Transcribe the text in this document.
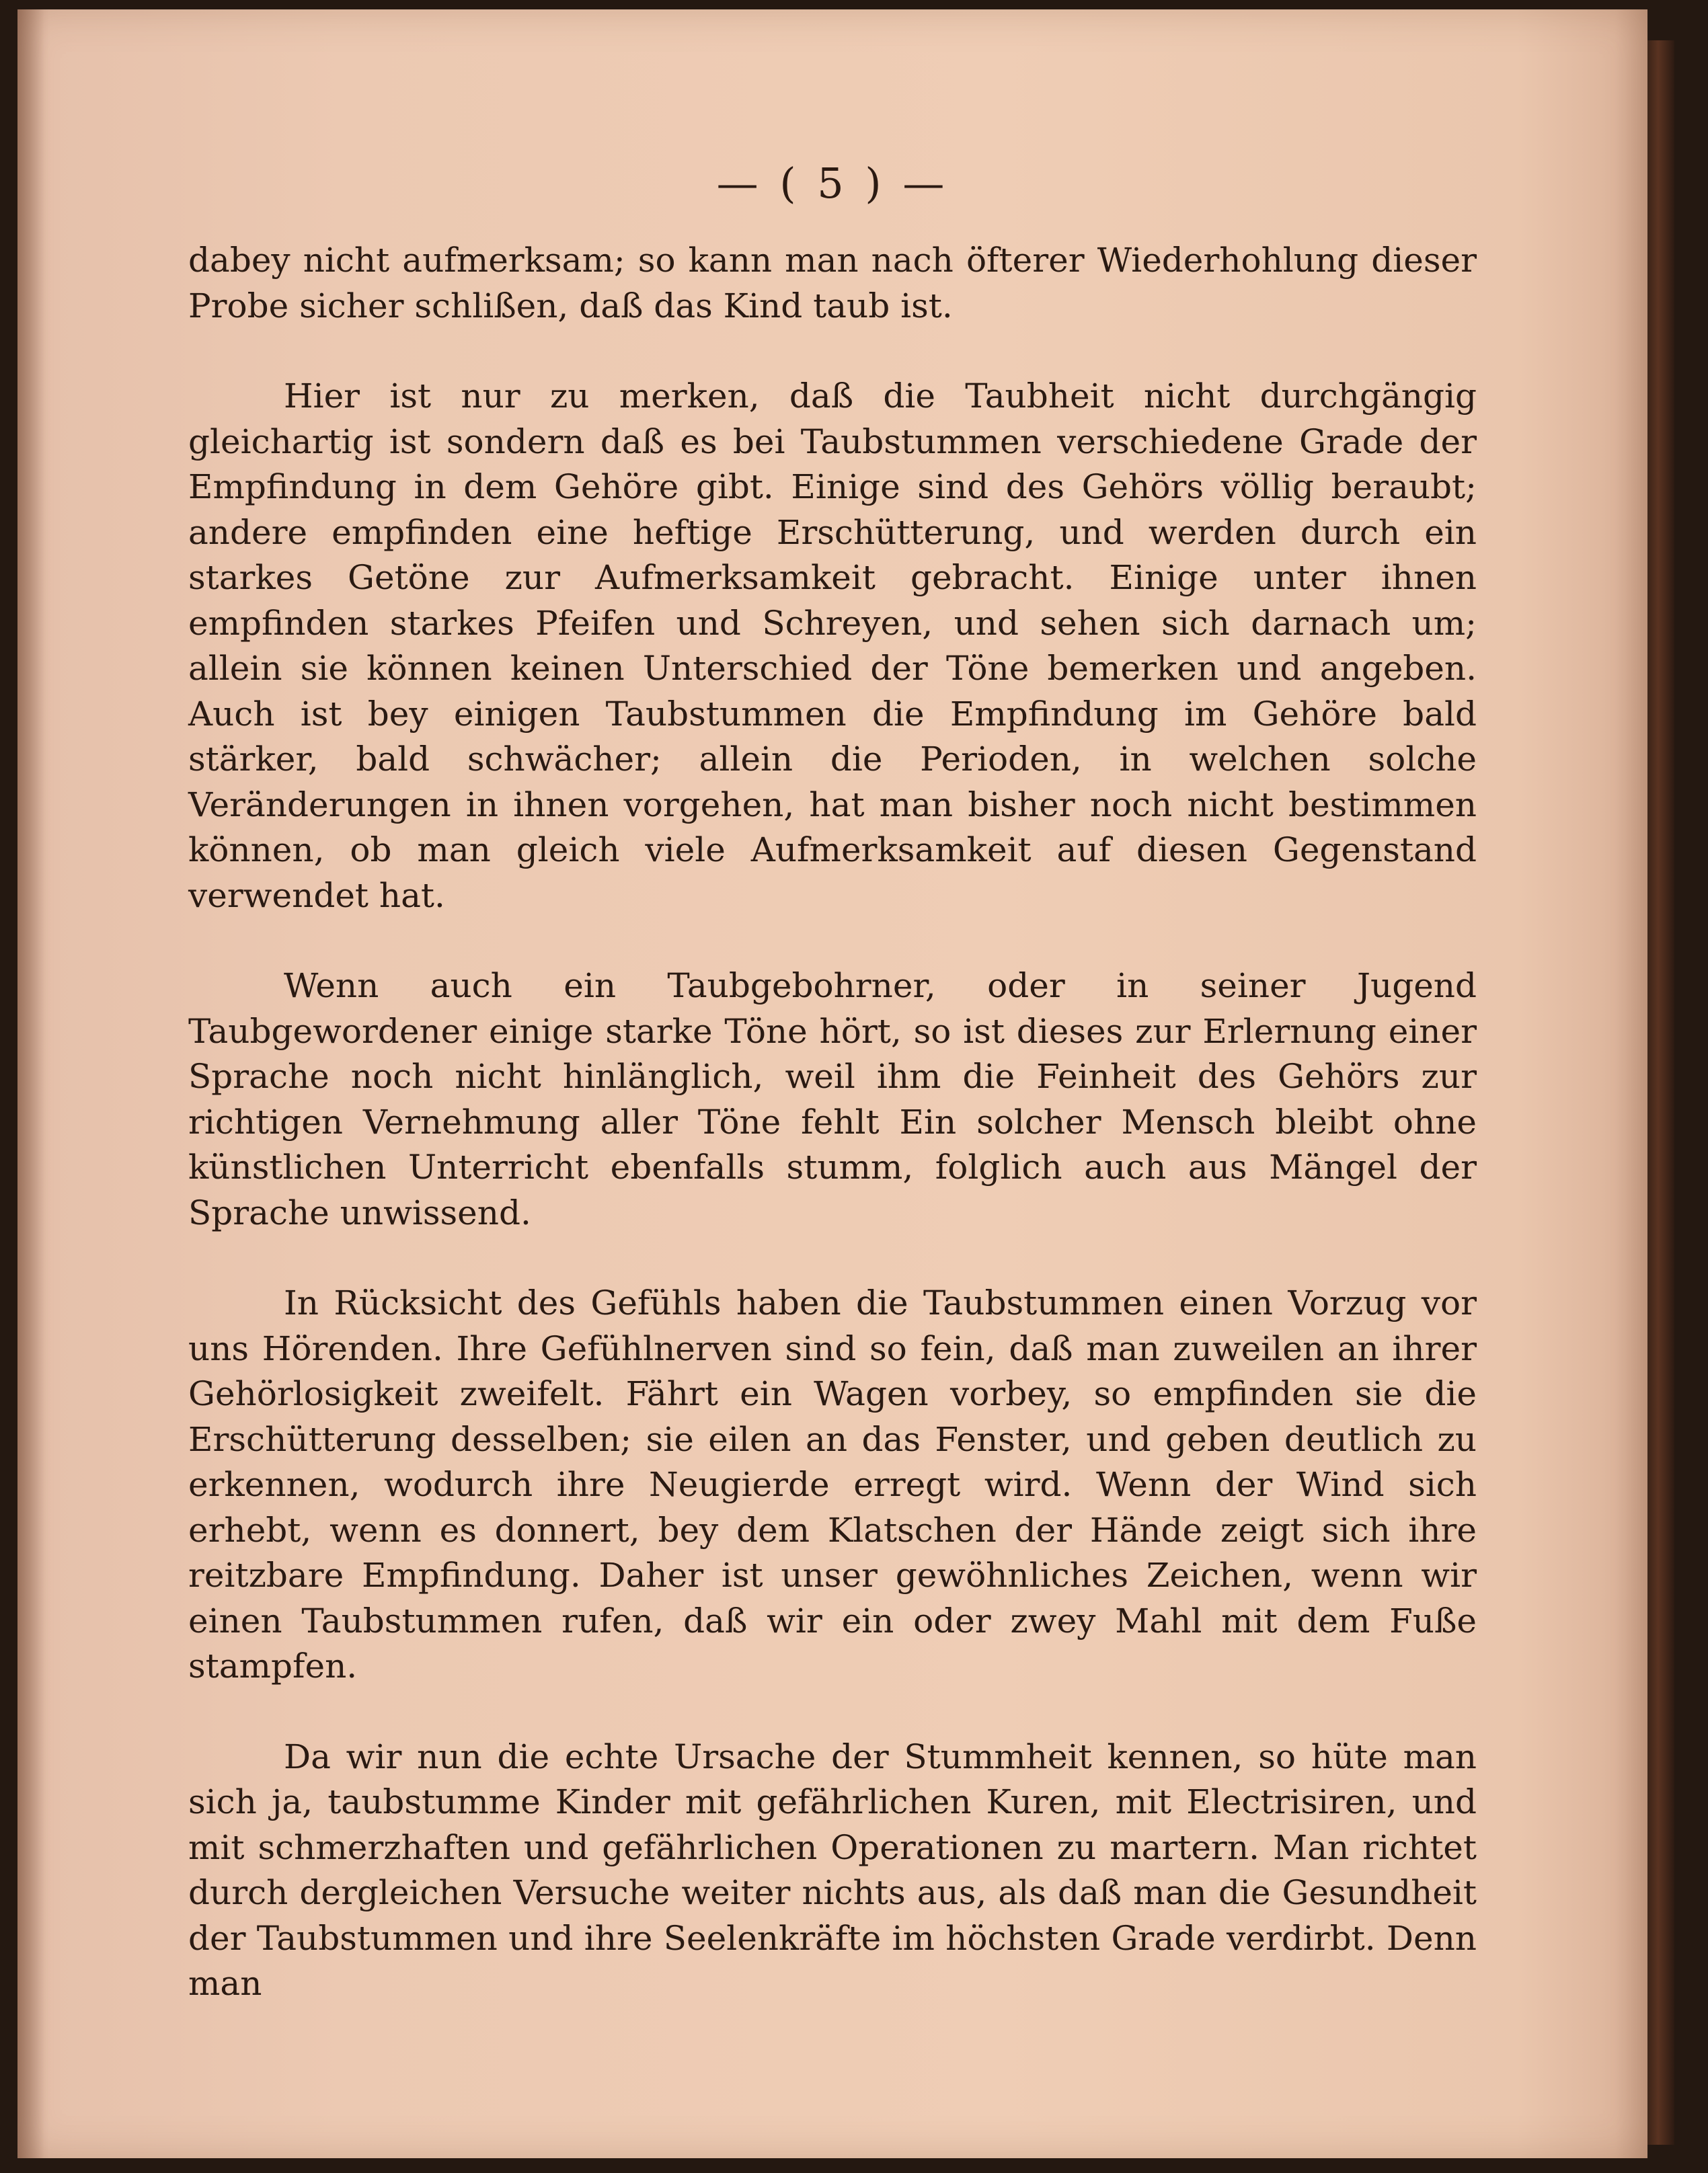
— ( 5 ) —

dabey nicht aufmerksam; so kann man nach öfterer Wiederhohlung dieser Probe sicher schlißen, daß das Kind taub ist.

Hier ist nur zu merken, daß die Taubheit nicht durchgängig gleichartig ist sondern daß es bei Taubstummen verschiedene Grade der Empfindung in dem Gehöre gibt. Einige sind des Gehörs völlig beraubt; andere empfinden eine heftige Erschütterung, und werden durch ein starkes Getöne zur Aufmerksamkeit gebracht. Einige unter ihnen empfinden starkes Pfeifen und Schreyen, und sehen sich darnach um; allein sie können keinen Unterschied der Töne bemerken und angeben. Auch ist bey einigen Taubstummen die Empfindung im Gehöre bald stärker, bald schwächer; allein die Perioden, in welchen solche Veränderungen in ihnen vorgehen, hat man bisher noch nicht bestimmen können, ob man gleich viele Aufmerksamkeit auf diesen Gegenstand verwendet hat.

Wenn auch ein Taubgebohrner, oder in seiner Jugend Taubgewordener einige starke Töne hört, so ist dieses zur Erlernung einer Sprache noch nicht hinlänglich, weil ihm die Feinheit des Gehörs zur richtigen Vernehmung aller Töne fehlt Ein solcher Mensch bleibt ohne künstlichen Unterricht ebenfalls stumm, folglich auch aus Mängel der Sprache unwissend.

In Rücksicht des Gefühls haben die Taubstummen einen Vorzug vor uns Hörenden. Ihre Gefühlnerven sind so fein, daß man zuweilen an ihrer Gehörlosigkeit zweifelt. Fährt ein Wagen vorbey, so empfinden sie die Erschütterung desselben; sie eilen an das Fenster, und geben deutlich zu erkennen, wodurch ihre Neugierde erregt wird. Wenn der Wind sich erhebt, wenn es donnert, bey dem Klatschen der Hände zeigt sich ihre reitzbare Empfindung. Daher ist unser gewöhnliches Zeichen, wenn wir einen Taubstummen rufen, daß wir ein oder zwey Mahl mit dem Fuße stampfen.

Da wir nun die echte Ursache der Stummheit kennen, so hüte man sich ja, taubstumme Kinder mit gefährlichen Kuren, mit Electrisiren, und mit schmerzhaften und gefährlichen Operationen zu martern. Man richtet durch dergleichen Versuche weiter nichts aus, als daß man die Gesundheit der Taubstummen und ihre Seelenkräfte im höchsten Grade verdirbt. Denn man
